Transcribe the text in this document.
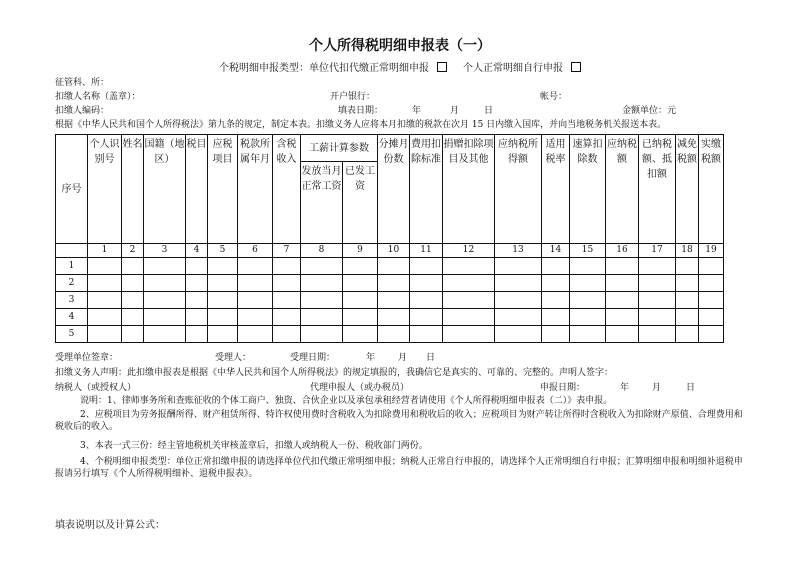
个人所得税明细申报表（一）
个税明细申报类型：单位代扣代缴正常明细申报	个人正常明细自行申报
征管科、所：
扣缴人名称（盖章）：	开户银行：	帐号：
扣缴人编码：	填表日期：	年	月	日	金额单位：元
根据《中华人民共和国个人所得税法》第九条的规定，制定本表。扣缴义务人应将本月扣缴的税款在次月 15 日内缴入国库，并向当地税务机关报送本表。
序号	个人识别号	姓名	国籍（地区）	税目	应税项目	税款所属年月	含税收入	工薪计算参数		分摊月份数	费用扣除标准	捐赠扣除项目及其他	应纳税所得额	适用税率	速算扣除数	应纳税额	已纳税额、抵扣额	减免税额	实缴税额
								发放当月正常工资	已发工资										
	1	2	3	4	5	6	7	8	9	10	11	12	13	14	15	16	17	18	19
1																			
2																			
3																			
4																			
5																			
受理单位签章：	受理人：	受理日期：	年	月 日
扣缴义务人声明：此扣缴申报表是根据《中华人民共和国个人所得税法》的规定填报的，我确信它是真实的、可靠的、完整的。声明人签字：
纳税人（或授权人）	代理申报人（或办税员）	申报日期：	年	月	日
说明：1、律师事务所和查账征收的个体工商户、独资、合伙企业以及承包承租经营者请使用《个人所得税明细申报表（二）》表申报。
2、应税项目为劳务报酬所得、财产租赁所得、特许权使用费时含税收入为扣除费用和税收后的收入；应税项目为财产转让所得时含税收入为扣除财产原值、合理费用和税收后的收入。
3、本表一式三份：经主管地税机关审核盖章后，扣缴人或纳税人一份、税收部门两份。
4、个税明细申报类型：单位正常扣缴申报的请选择单位代扣代缴正常明细申报；纳税人正常自行申报的，请选择个人正常明细自行申报；汇算明细申报和明细补退税申报请另行填写《个人所得税明细补、退税申报表》。
填表说明以及计算公式：
